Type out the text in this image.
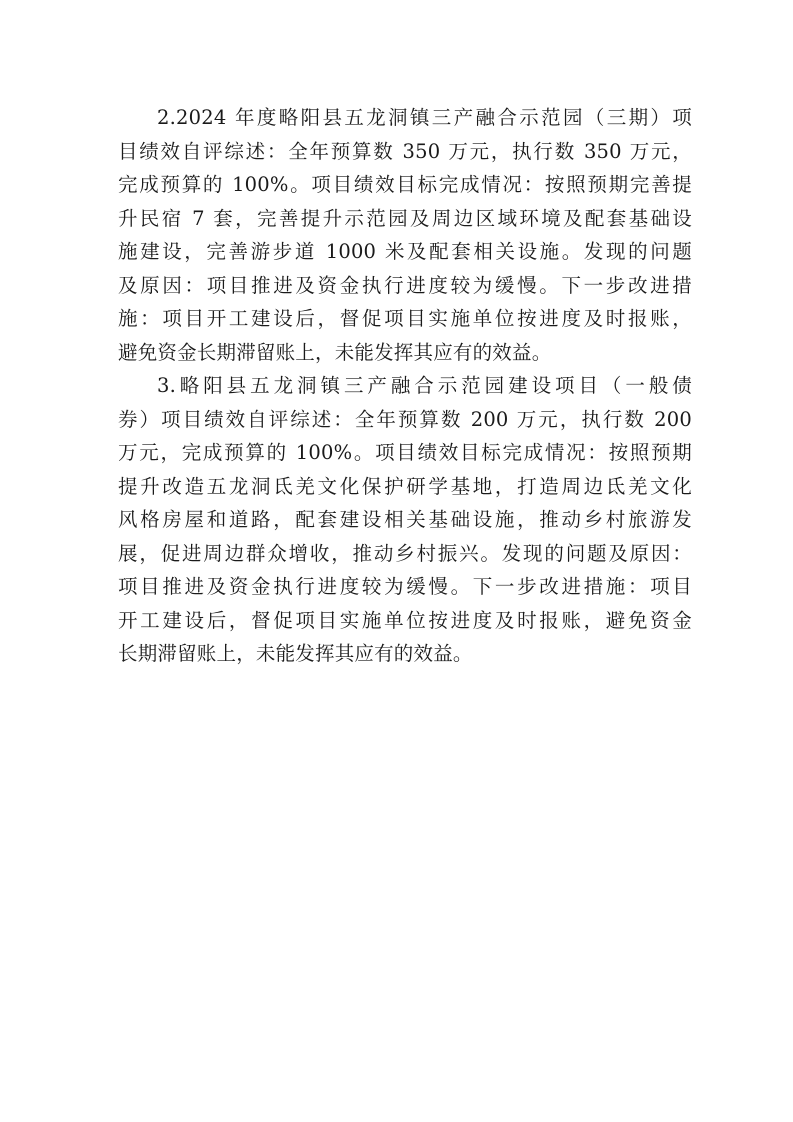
2.2024 年度略阳县五龙洞镇三产融合示范园（三期）项
目绩效自评综述：全年预算数 350 万元，执行数 350 万元，
完成预算的 100%。项目绩效目标完成情况：按照预期完善提
升民宿 7 套，完善提升示范园及周边区域环境及配套基础设
施建设，完善游步道 1000 米及配套相关设施。发现的问题
及原因：项目推进及资金执行进度较为缓慢。下一步改进措
施：项目开工建设后，督促项目实施单位按进度及时报账，
避免资金长期滞留账上，未能发挥其应有的效益。
3.略阳县五龙洞镇三产融合示范园建设项目（一般债
券）项目绩效自评综述：全年预算数 200 万元，执行数 200
万元，完成预算的 100%。项目绩效目标完成情况：按照预期
提升改造五龙洞氐羌文化保护研学基地，打造周边氐羌文化
风格房屋和道路，配套建设相关基础设施，推动乡村旅游发
展，促进周边群众增收，推动乡村振兴。发现的问题及原因：
项目推进及资金执行进度较为缓慢。下一步改进措施：项目
开工建设后，督促项目实施单位按进度及时报账，避免资金
长期滞留账上，未能发挥其应有的效益。
